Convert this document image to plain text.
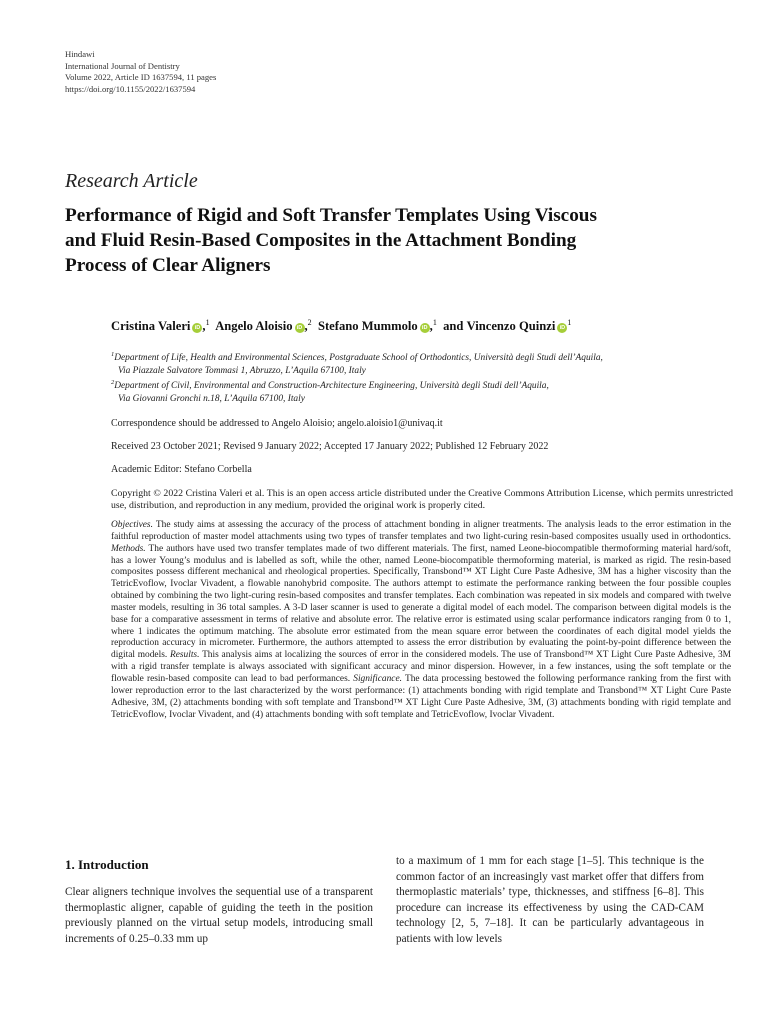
Hindawi
International Journal of Dentistry
Volume 2022, Article ID 1637594, 11 pages
https://doi.org/10.1155/2022/1637594
Research Article
Performance of Rigid and Soft Transfer Templates Using Viscous
and Fluid Resin-Based Composites in the Attachment Bonding
Process of Clear Aligners
Cristina Valeri iD ,$^1$ Angelo Aloisio iD ,$^2$ Stefano Mummolo iD ,$^1$ and Vincenzo Quinzi $iD^1$
$^1$Department of Life, Health and Environmental Sciences, Postgraduate School of Orthodontics, Università degli Studi dell’Aquila,
Via Piazzale Salvatore Tommasi 1, Abruzzo, L’Aquila 67100, Italy
$^2$Department of Civil, Environmental and Construction-Architecture Engineering, Università degli Studi dell’Aquila,
Via Giovanni Gronchi n.18, L’Aquila 67100, Italy
Correspondence should be addressed to Angelo Aloisio; angelo.aloisio1@univaq.it
Received 23 October 2021; Revised 9 January 2022; Accepted 17 January 2022; Published 12 February 2022
Academic Editor: Stefano Corbella
Copyright © 2022 Cristina Valeri et al. This is an open access article distributed under the Creative Commons Attribution License, which permits unrestricted use, distribution, and reproduction in any medium, provided the original work is properly cited.
Objectives. The study aims at assessing the accuracy of the process of attachment bonding in aligner treatments. The analysis leads to the error estimation in the faithful reproduction of master model attachments using two types of transfer templates and two light-curing resin-based composites usually used in orthodontics. Methods. The authors have used two transfer templates made of two different materials. The first, named Leone-biocompatible thermoforming material hard/soft, has a lower Young’s modulus and is labelled as soft, while the other, named Leone-biocompatible thermoforming material, is marked as rigid. The resin-based composites possess different mechanical and rheological properties. Specifically, Transbond™ XT Light Cure Paste Adhesive, 3M has a higher viscosity than the TetricEvoflow, Ivoclar Vivadent, a flowable nanohybrid composite. The authors attempt to estimate the performance ranking between the four possible couples obtained by combining the two light-curing resin-based composites and transfer templates. Each combination was repeated in six models and compared with twelve master models, resulting in 36 total samples. A 3-D laser scanner is used to generate a digital model of each model. The comparison between digital models is the base for a comparative assessment in terms of relative and absolute error. The relative error is estimated using scalar performance indicators ranging from 0 to 1, where 1 indicates the optimum matching. The absolute error estimated from the mean square error between the coordinates of each digital model yields the reproduction accuracy in micrometer. Furthermore, the authors attempted to assess the error distribution by evaluating the point-by-point difference between the digital models. Results. This analysis aims at localizing the sources of error in the considered models. The use of Transbond™ XT Light Cure Paste Adhesive, 3M with a rigid transfer template is always associated with significant accuracy and minor dispersion. However, in a few instances, using the soft template or the flowable resin-based composite can lead to bad performances. Significance. The data processing bestowed the following performance ranking from the first with lower reproduction error to the last characterized by the worst performance: (1) attachments bonding with rigid template and Transbond™ XT Light Cure Paste Adhesive, 3M, (2) attachments bonding with soft template and Transbond™ XT Light Cure Paste Adhesive, 3M, (3) attachments bonding with rigid template and TetricEvoflow, Ivoclar Vivadent, and (4) attachments bonding with soft template and TetricEvoflow, Ivoclar Vivadent.
1. Introduction
Clear aligners technique involves the sequential use of a transparent thermoplastic aligner, capable of guiding the teeth in the position previously planned on the virtual setup models, introducing small increments of 0.25–0.33 mm up
to a maximum of 1 mm for each stage [1–5]. This technique is the common factor of an increasingly vast market offer that differs from thermoplastic materials’ type, thicknesses, and stiffness [6–8]. This procedure can increase its effectiveness by using the CAD-CAM technology [2, 5, 7–18]. It can be particularly advantageous in patients with low levels
